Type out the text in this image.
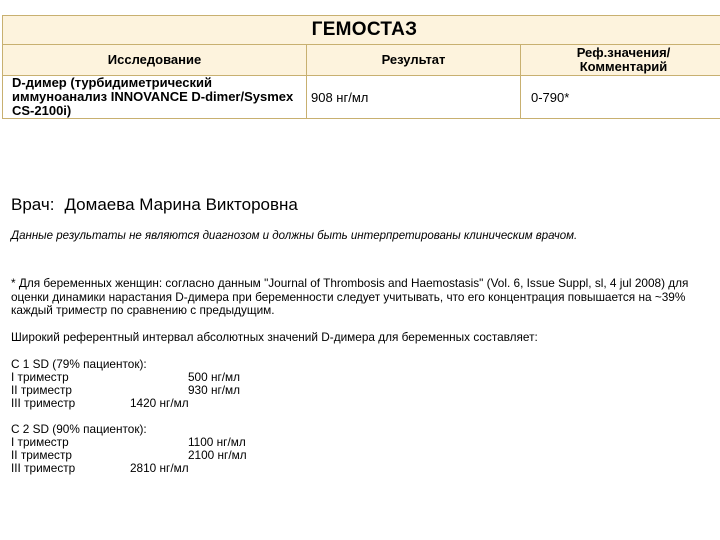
ГЕМОСТАЗ		
Исследование	Результат	Реф.значения/
Комментарий
D-димер (турбидиметрический иммуноанализ INNOVANCE D-dimer/Sysmex CS-2100i)	908 нг/мл	0-790*
Врач: Домаева Марина Викторовна
Данные результаты не являются диагнозом и должны быть интерпретированы клиническим врачом.
* Для беременных женщин: согласно данным "Journal of Thrombosis and Haemostasis" (Vol. 6, Issue Suppl, sl, 4 jul 2008) для оценки динамики нарастания D-димера при беременности следует учитывать, что его концентрация повышается на ~39% каждый триместр по сравнению с предыдущим.
Широкий референтный интервал абсолютных значений D-димера для беременных составляет:
С 1 SD (79% пациенток):
I триместр	500 нг/мл
II триместр	930 нг/мл
III триместр	1420 нг/мл
С 2 SD (90% пациенток):
I триместр	1100 нг/мл
II триместр	2100 нг/мл
III триместр	2810 нг/мл
